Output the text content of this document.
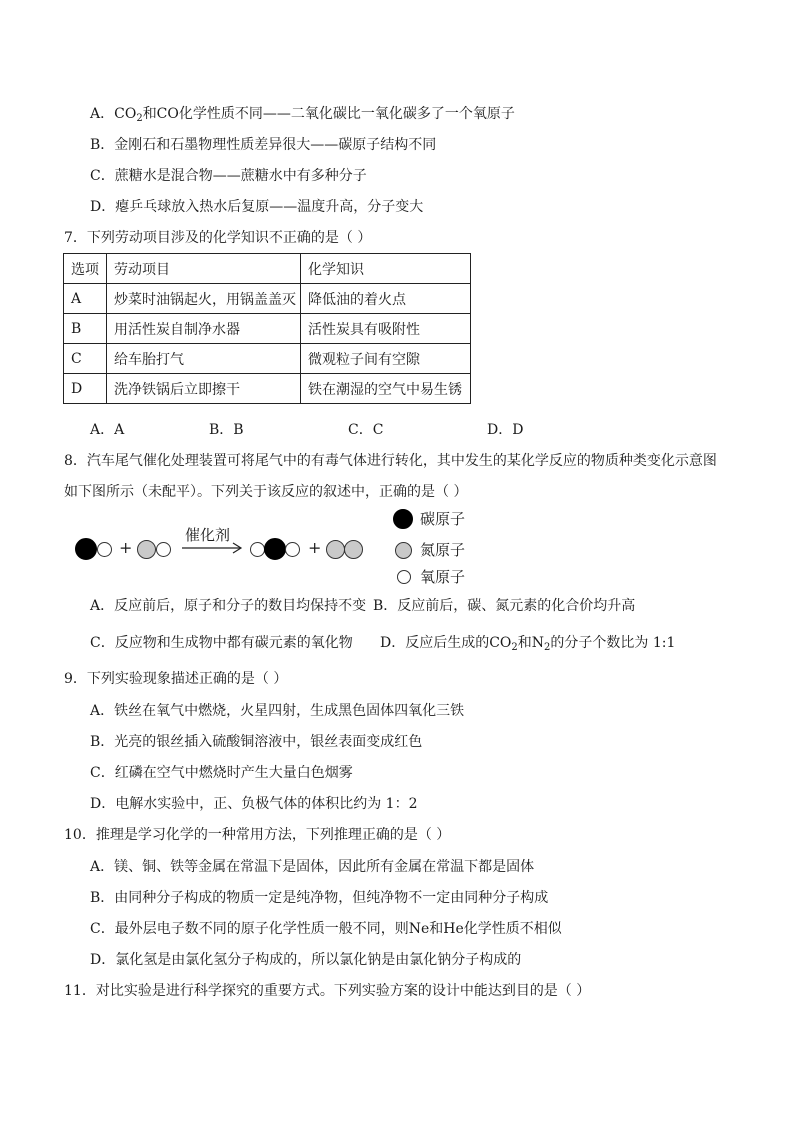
A．$CO_2$和CO化学性质不同——二氧化碳比一氧化碳多了一个氧原子
B．金刚石和石墨物理性质差异很大——碳原子结构不同
C．蔗糖水是混合物——蔗糖水中有多种分子
D．瘪乒乓球放入热水后复原——温度升高，分子变大
7．下列劳动项目涉及的化学知识不正确的是（ ）
选项	劳动项目	化学知识
A	炒菜时油锅起火，用锅盖盖灭	降低油的着火点
B	用活性炭自制净水器	活性炭具有吸附性
C	给车胎打气	微观粒子间有空隙
D	洗净铁锅后立即擦干	铁在潮湿的空气中易生锈
A．A	B．B	C．C	D．D
8．汽车尾气催化处理装置可将尾气中的有毒气体进行转化，其中发生的某化学反应的物质种类变化示意图
如下图所示（未配平）。下列关于该反应的叙述中，正确的是（ ）
+
催化剂
+
碳原子
氮原子
氧原子
A．反应前后，原子和分子的数目均保持不变 B．反应前后，碳、氮元素的化合价均升高
C．反应物和生成物中都有碳元素的氧化物 D．反应后生成的$CO_2$和$N_2$的分子个数比为 1:1
9．下列实验现象描述正确的是（ ）
A．铁丝在氧气中燃烧，火星四射，生成黑色固体四氧化三铁
B．光亮的银丝插入硫酸铜溶液中，银丝表面变成红色
C．红磷在空气中燃烧时产生大量白色烟雾
D．电解水实验中，正、负极气体的体积比约为 1：2
10．推理是学习化学的一种常用方法，下列推理正确的是（ ）
A．镁、铜、铁等金属在常温下是固体，因此所有金属在常温下都是固体
B．由同种分子构成的物质一定是纯净物，但纯净物不一定由同种分子构成
C．最外层电子数不同的原子化学性质一般不同，则Ne和He化学性质不相似
D．氯化氢是由氯化氢分子构成的，所以氯化钠是由氯化钠分子构成的
11．对比实验是进行科学探究的重要方式。下列实验方案的设计中能达到目的是（ ）
